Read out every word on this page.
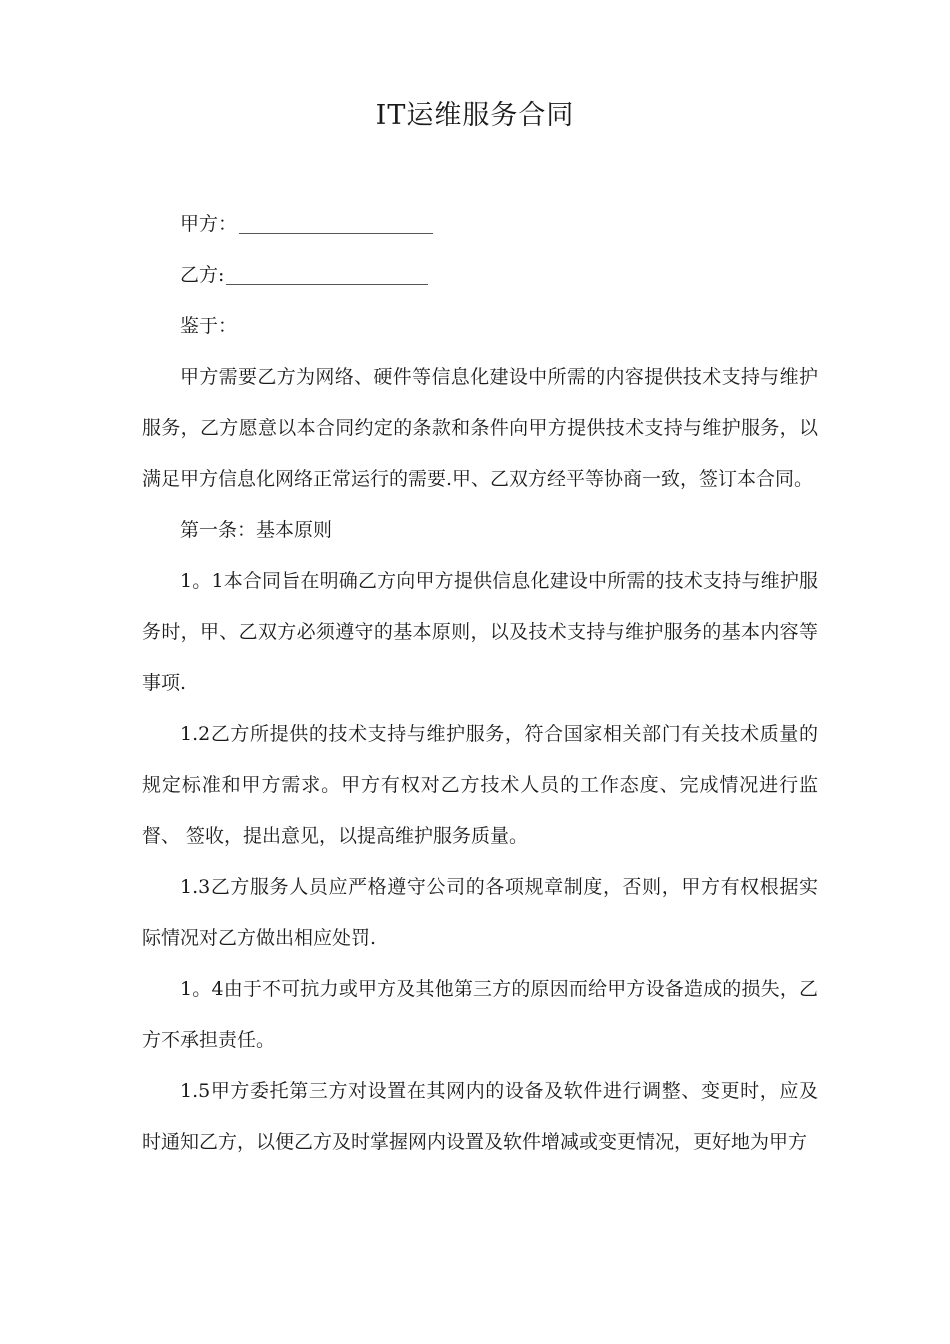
IT运维服务合同

甲方：

乙方:

鉴于：

甲方需要乙方为网络、硬件等信息化建设中所需的内容提供技术支持与维护服务，乙方愿意以本合同约定的条款和条件向甲方提供技术支持与维护服务，以满足甲方信息化网络正常运行的需要.甲、乙双方经平等协商一致，签订本合同。

第一条：基本原则

1。1本合同旨在明确乙方向甲方提供信息化建设中所需的技术支持与维护服务时，甲、乙双方必须遵守的基本原则，以及技术支持与维护服务的基本内容等事项.

1.2乙方所提供的技术支持与维护服务，符合国家相关部门有关技术质量的规定标准和甲方需求。甲方有权对乙方技术人员的工作态度、完成情况进行监督、 签收，提出意见，以提高维护服务质量。

1.3乙方服务人员应严格遵守公司的各项规章制度，否则，甲方有权根据实际情况对乙方做出相应处罚.

1。4由于不可抗力或甲方及其他第三方的原因而给甲方设备造成的损失，乙方不承担责任。

1.5甲方委托第三方对设置在其网内的设备及软件进行调整、变更时，应及时通知乙方，以便乙方及时掌握网内设置及软件增减或变更情况，更好地为甲方
